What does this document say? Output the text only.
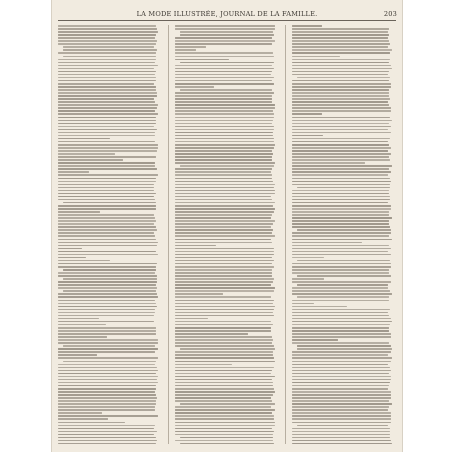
LA MODE ILLUSTRÉE, JOURNAL DE LA FAMILLE.	203
